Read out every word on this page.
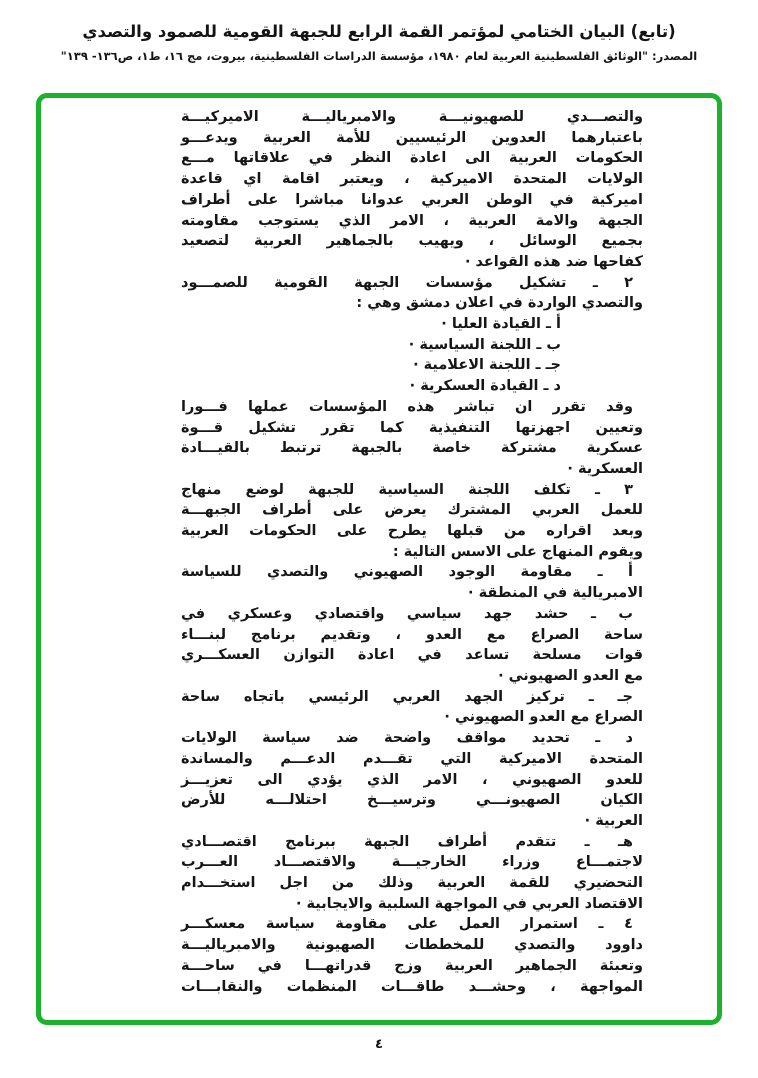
(تابع) البيان الختامي لمؤتمر القمة الرابع للجبهة القومية للصمود والتصدي
المصدر: "الوثائق الفلسطينية العربية لعام ١٩٨٠، مؤسسة الدراسات الفلسطينية، بيروت، مج ١٦، ط١، ص١٣٦- ١٣٩"
والتصـــدي للصهيونيـــة والامبرياليـــة الاميركيـــة
باعتبارهما العدوين الرئيسيين للأمة العربية ويدعـــو
الحكومات العربية الى اعادة النظر في علاقاتها مـــع
الولايات المتحدة الاميركية ، ويعتبر اقامة اي قاعدة
اميركية في الوطن العربي عدوانا مباشرا على أطراف
الجبهة والامة العربية ، الامر الذي يستوجب مقاومته
بجميع الوسائل ، ويهيب بالجماهير العربية لتصعيد
كفاحها ضد هذه القواعد ·
٢ ـ تشكيل مؤسسات الجبهة القومية للصمـــود
والتصدي الواردة في اعلان دمشق وهي :
أ ـ القيادة العليا ·
ب ـ اللجنة السياسية ·
جـ ـ اللجنة الاعلامية ·
د ـ القيادة العسكرية ·
وقد تقرر ان تباشر هذه المؤسسات عملها فـــورا
وتعيين اجهزتها التنفيذية كما تقرر تشكيل قـــوة
عسكرية مشتركة خاصة بالجبهة ترتبط بالقيـــادة
العسكرية ·
٣ ـ تكلف اللجنة السياسية للجبهة لوضع منهاج
للعمل العربي المشترك يعرض على أطراف الجبهـــة
وبعد اقراره من قبلها يطرح على الحكومات العربية
ويقوم المنهاج على الاسس التالية :
أ ـ مقاومة الوجود الصهيوني والتصدي للسياسة
الامبريالية في المنطقة ·
ب ـ حشد جهد سياسي واقتصادي وعسكري في
ساحة الصراع مع العدو ، وتقديم برنامج لبنـــاء
قوات مسلحة تساعد في اعادة التوازن العسكـــري
مع العدو الصهيوني ·
جـ ـ تركيز الجهد العربي الرئيسي باتجاه ساحة
الصراع مع العدو الصهيوني ·
د ـ تحديد مواقف واضحة ضد سياسة الولايات
المتحدة الاميركية التي تقـــدم الدعـــم والمساندة
للعدو الصهيوني ، الامر الذي يؤدي الى تعزيـــز
الكيان الصهيونـــي وترسيـــخ احتلالـــه للأرض
العربية ·
هـ ـ تتقدم أطراف الجبهة ببرنامج اقتصـــادي
لاجتمـــاع وزراء الخارجيـــة والاقتصـــاد العـــرب
التحضيري للقمة العربية وذلك من اجل استخـــدام
الاقتصاد العربي في المواجهة السلبية والايجابية ·
٤ ـ استمرار العمل على مقاومة سياسة معسكـــر
داوود والتصدي للمخططات الصهيونية والامبرياليـــة
وتعبئة الجماهير العربية وزج قدراتهـــا في ساحـــة
المواجهة ، وحشـــد طاقـــات المنظمات والنقابـــات
٤
